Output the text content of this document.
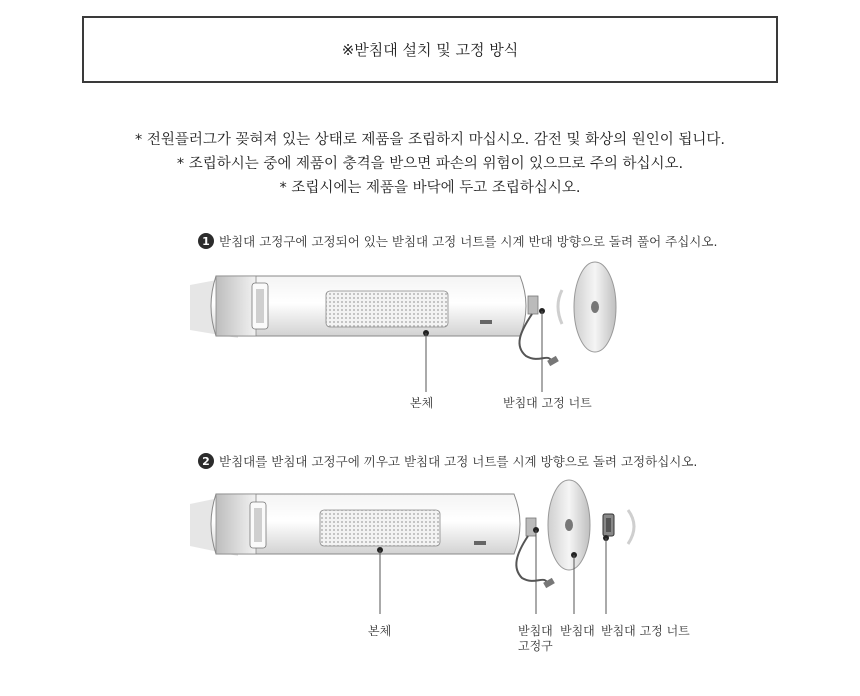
※받침대 설치 및 고정 방식

* 전원플러그가 꽂혀져 있는 상태로 제품을 조립하지 마십시오. 감전 및 화상의 원인이 됩니다.

* 조립하시는 중에 제품이 충격을 받으면 파손의 위험이 있으므로 주의 하십시오.

* 조립시에는 제품을 바닥에 두고 조립하십시오.

1 받침대 고정구에 고정되어 있는 받침대 고정 너트를 시계 반대 방향으로 돌려 풀어 주십시오.
2 받침대를 받침대 고정구에 끼우고 받침대 고정 너트를 시계 방향으로 돌려 고정하십시오.
본체	받침대 고정 너트
본체	받침대
고정구
받침대 받침대 고정 너트
